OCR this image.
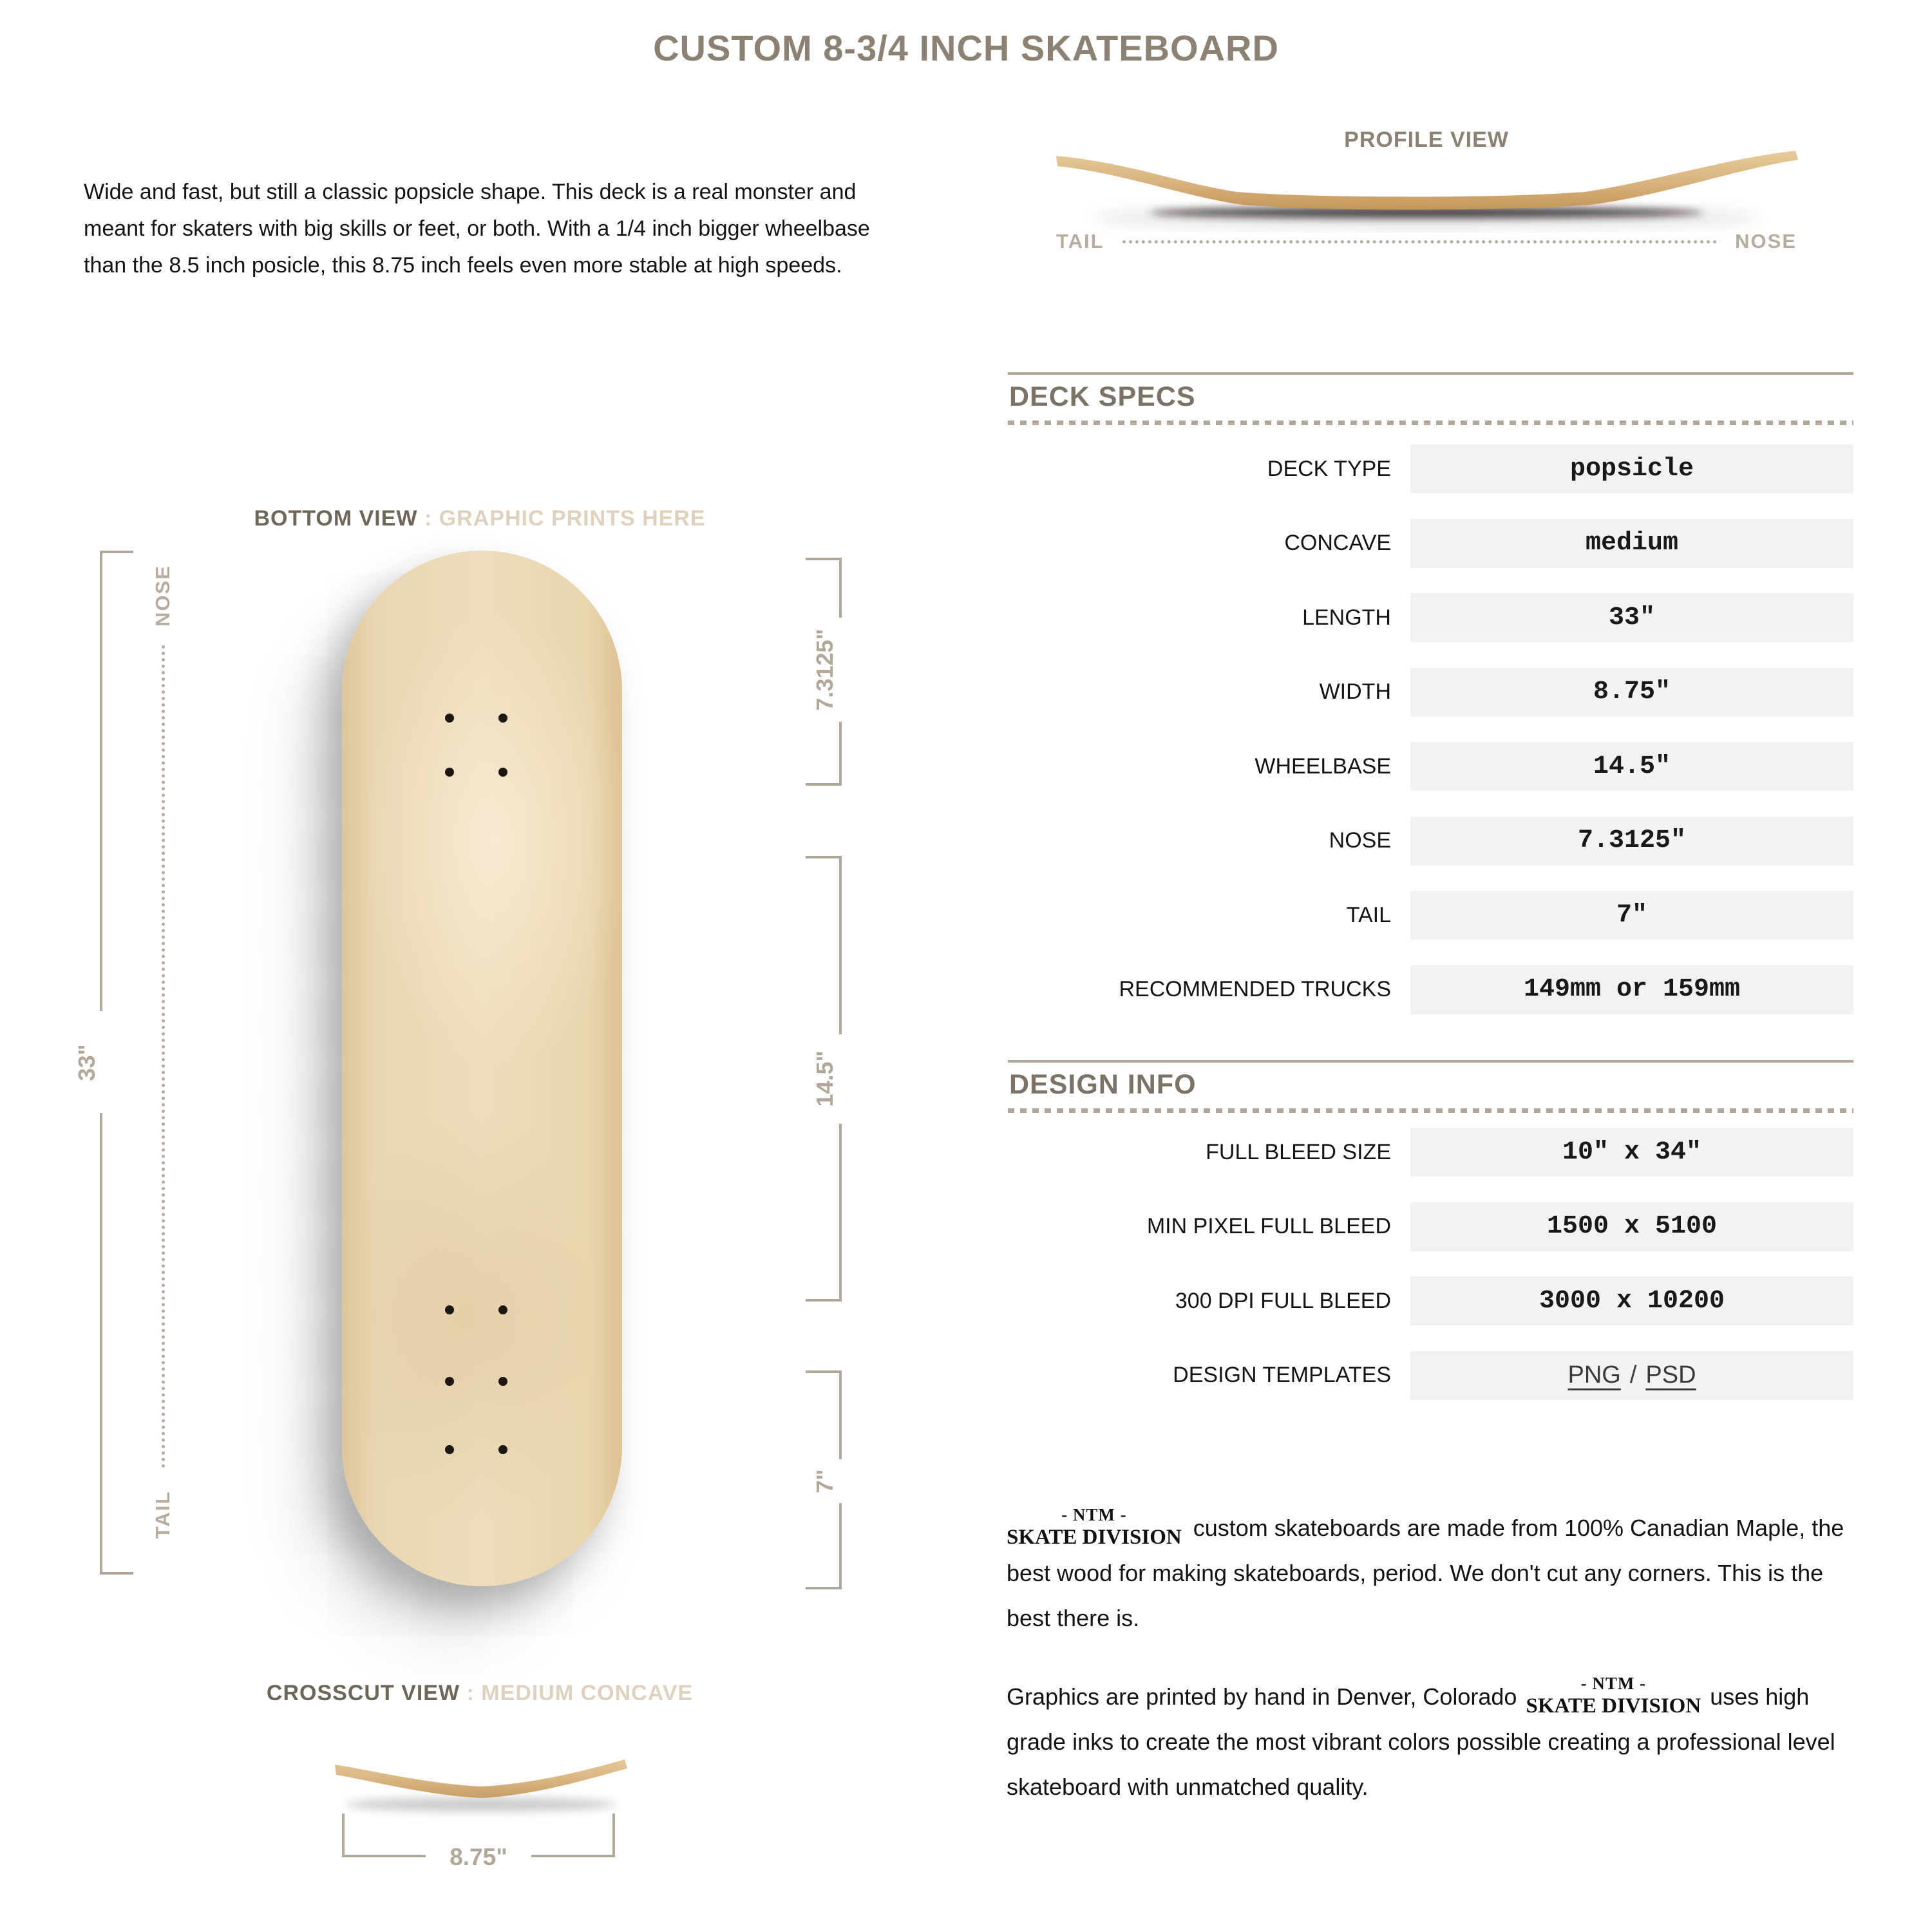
CUSTOM 8-3/4 INCH SKATEBOARD
Wide and fast, but still a classic popsicle shape. This deck is a real monster and meant for skaters with big skills or feet, or both. With a 1/4 inch bigger wheelbase than the 8.5 inch posicle, this 8.75 inch feels even more stable at high speeds.
PROFILE VIEW
TAIL	NOSE
DECK SPECS
DECK TYPE	popsicle
CONCAVE	medium
LENGTH	33"
WIDTH	8.75"
WHEELBASE	14.5"
NOSE	7.3125"
TAIL	7"
RECOMMENDED TRUCKS	149mm or 159mm
DESIGN INFO
FULL BLEED SIZE	10" x 34"
MIN PIXEL FULL BLEED	1500 x 5100
300 DPI FULL BLEED	3000 x 10200
DESIGN TEMPLATES	PNG / PSD
- NTM -
SKATE DIVISION custom skateboards are made from 100% Canadian Maple, the best wood for making skateboards, period. We don't cut any corners. This is the best there is.
Graphics are printed by hand in Denver, Colorado	- NTM -
SKATE DIVISION uses high grade inks to create the most vibrant colors possible creating a professional level skateboard with unmatched quality.
BOTTOM VIEW : GRAPHIC PRINTS HERE
33"
NOSE
TAIL
7.3125"
14.5"
7"
CROSSCUT VIEW : MEDIUM CONCAVE
8.75"
